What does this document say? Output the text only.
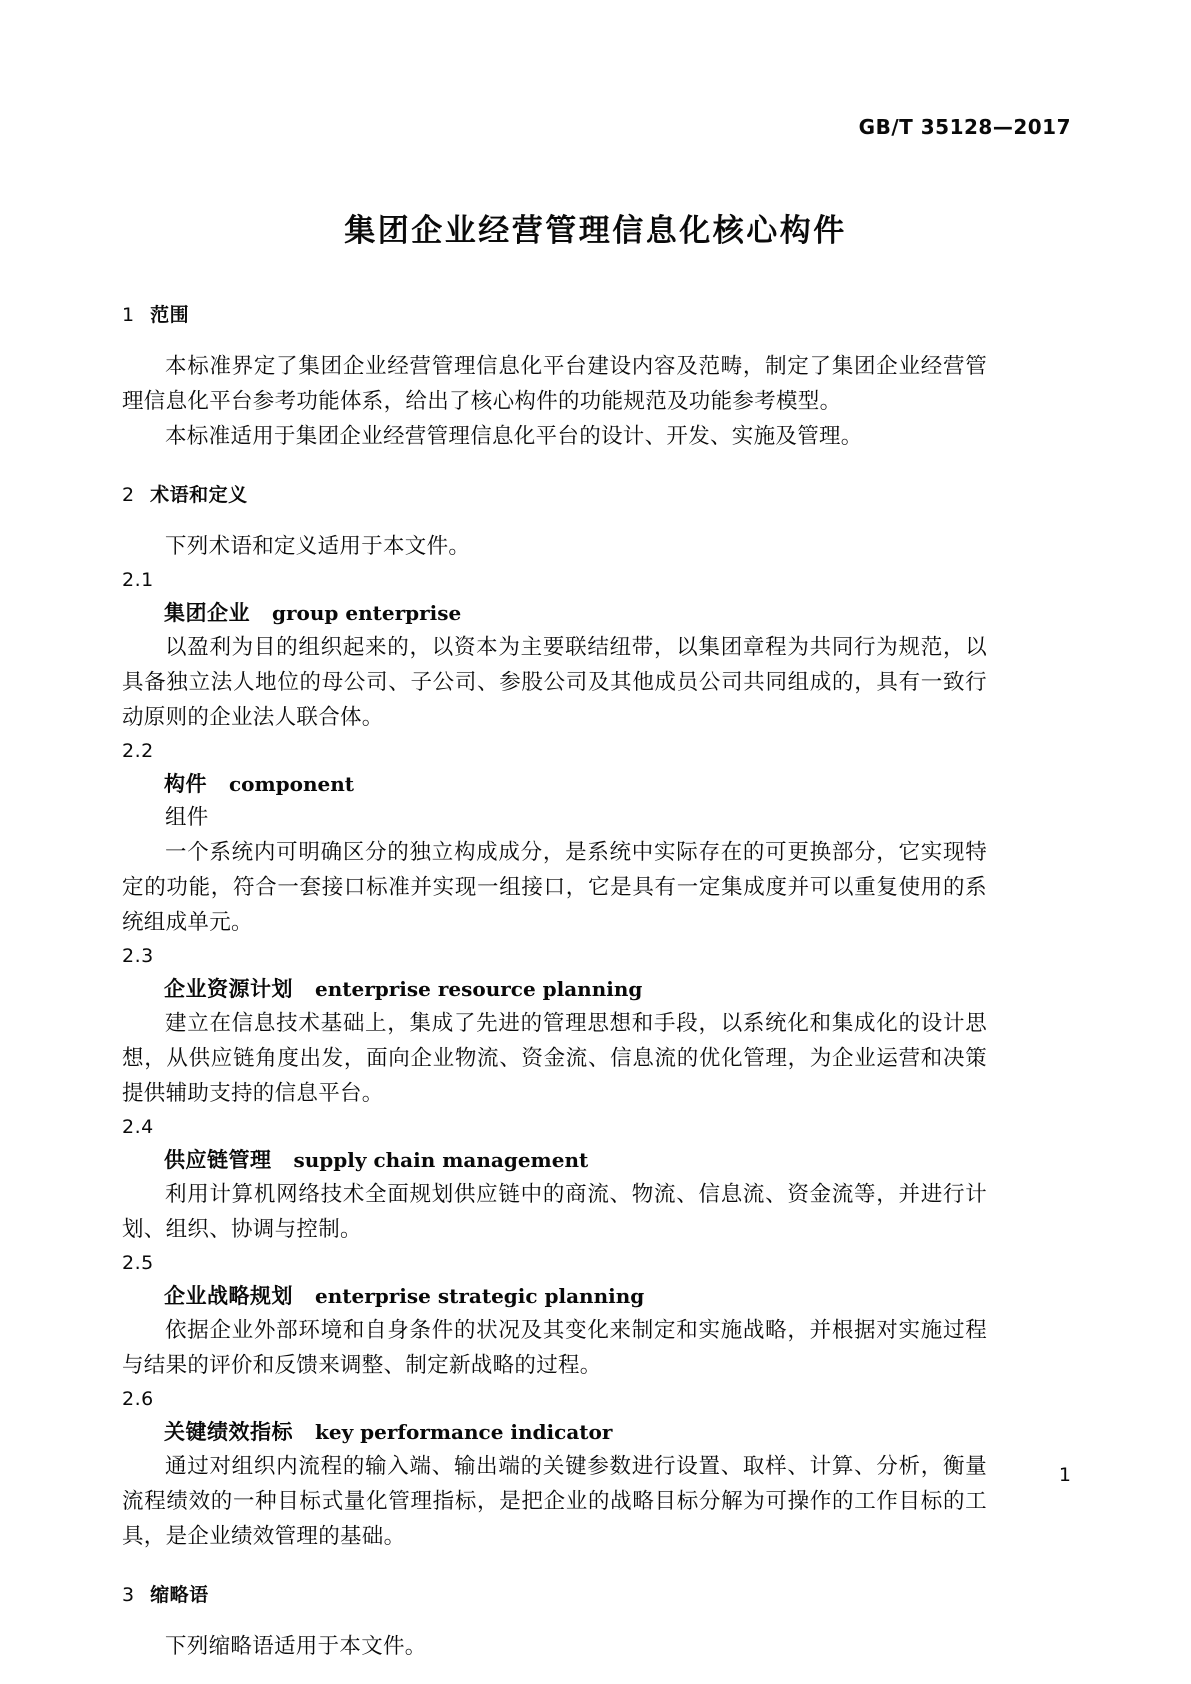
GB/T 35128—2017
集团企业经营管理信息化核心构件
1 范围

本标准界定了集团企业经营管理信息化平台建设内容及范畴，制定了集团企业经营管理信息化平台参考功能体系，给出了核心构件的功能规范及功能参考模型。

本标准适用于集团企业经营管理信息化平台的设计、开发、实施及管理。

2 术语和定义

下列术语和定义适用于本文件。

2.1

集团企业 group enterprise

以盈利为目的组织起来的，以资本为主要联结纽带，以集团章程为共同行为规范，以具备独立法人地位的母公司、子公司、参股公司及其他成员公司共同组成的，具有一致行动原则的企业法人联合体。

2.2

构件 component

组件

一个系统内可明确区分的独立构成成分，是系统中实际存在的可更换部分，它实现特定的功能，符合一套接口标准并实现一组接口，它是具有一定集成度并可以重复使用的系统组成单元。

2.3

企业资源计划 enterprise resource planning

建立在信息技术基础上，集成了先进的管理思想和手段，以系统化和集成化的设计思想，从供应链角度出发，面向企业物流、资金流、信息流的优化管理，为企业运营和决策提供辅助支持的信息平台。

2.4

供应链管理 supply chain management

利用计算机网络技术全面规划供应链中的商流、物流、信息流、资金流等，并进行计划、组织、协调与控制。

2.5

企业战略规划 enterprise strategic planning

依据企业外部环境和自身条件的状况及其变化来制定和实施战略，并根据对实施过程与结果的评价和反馈来调整、制定新战略的过程。

2.6

关键绩效指标 key performance indicator

通过对组织内流程的输入端、输出端的关键参数进行设置、取样、计算、分析，衡量流程绩效的一种目标式量化管理指标，是把企业的战略目标分解为可操作的工作目标的工具，是企业绩效管理的基础。

3 缩略语

下列缩略语适用于本文件。

1
